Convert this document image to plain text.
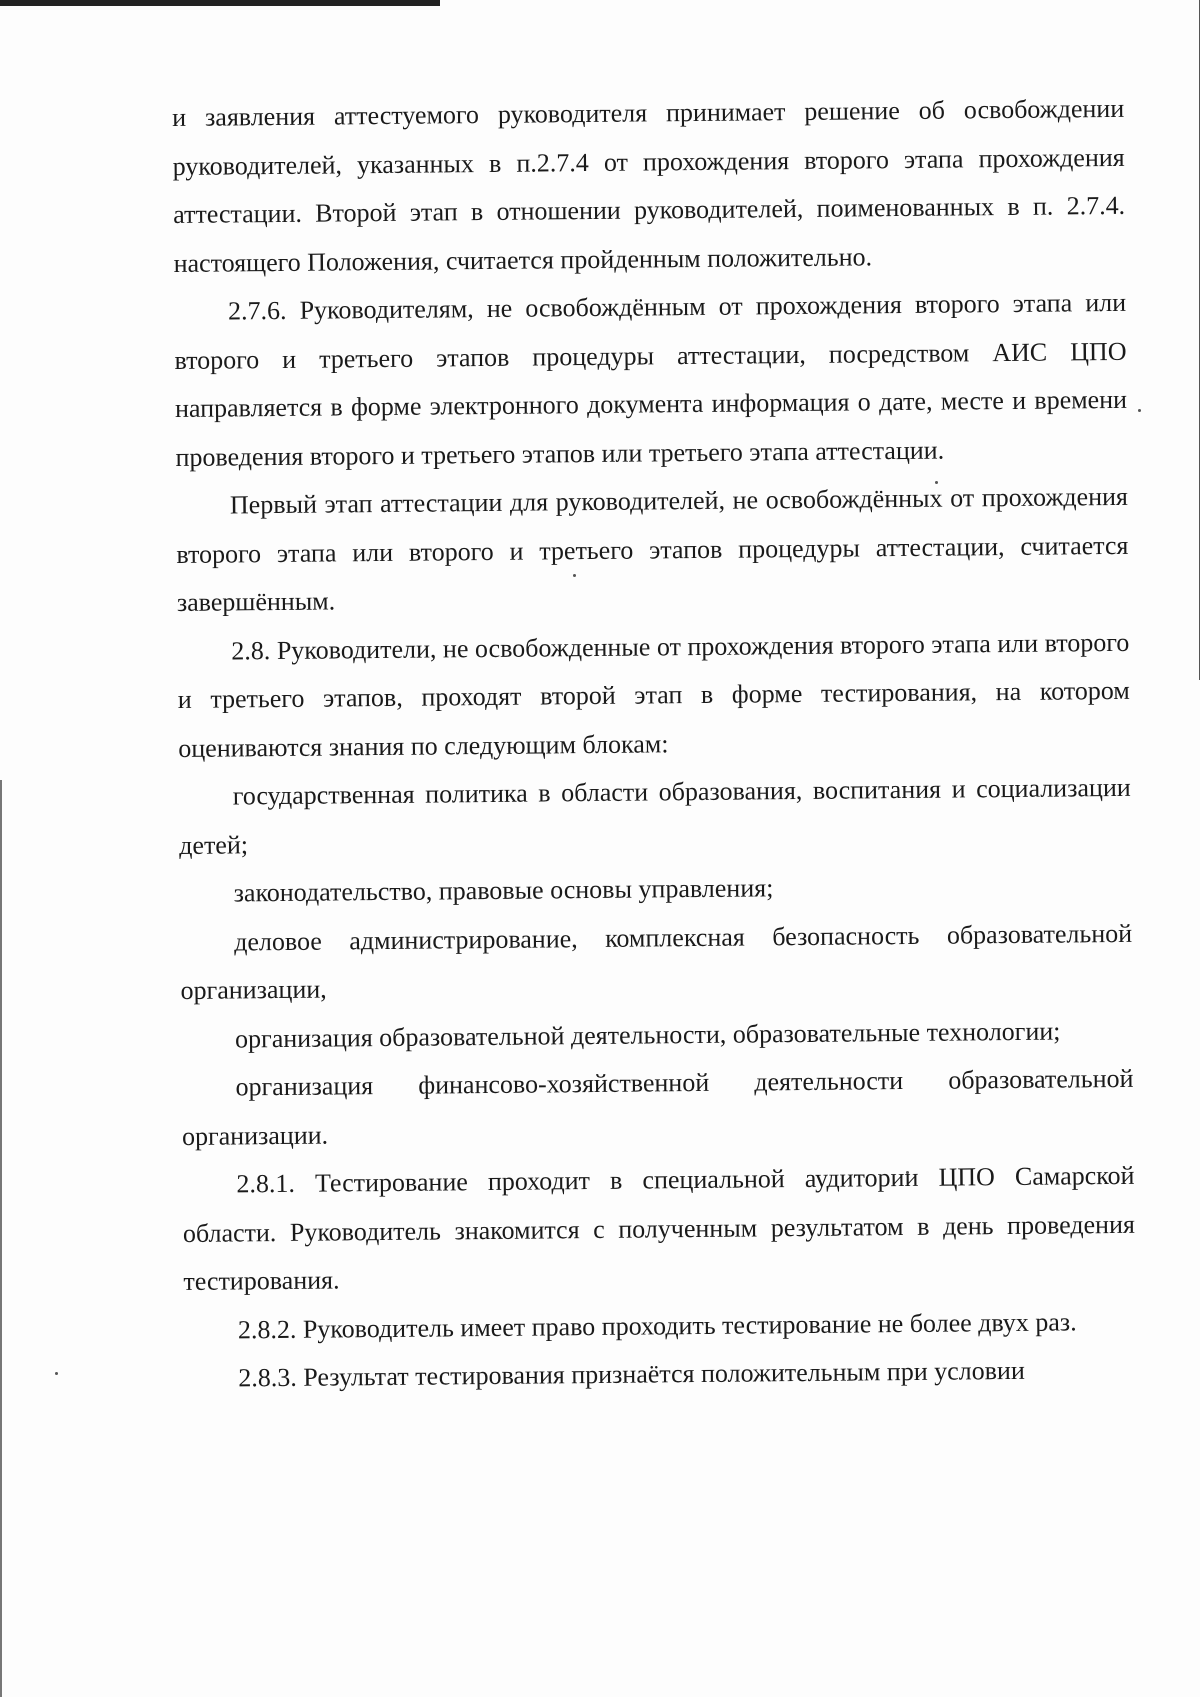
и заявления аттестуемого руководителя принимает решение об освобождении руководителей, указанных в п.2.7.4 от прохождения второго этапа прохождения аттестации. Второй этап в отношении руководителей, поименованных в п. 2.7.4. настоящего Положения, считается пройденным положительно.

2.7.6. Руководителям, не освобождённым от прохождения второго этапа или второго и третьего этапов процедуры аттестации, посредством АИС ЦПО направляется в форме электронного документа информация о дате, месте и времени проведения второго и третьего этапов или третьего этапа аттестации.

Первый этап аттестации для руководителей, не освобождённых от прохождения второго этапа или второго и третьего этапов процедуры аттестации, считается завершённым.

2.8. Руководители, не освобожденные от прохождения второго этапа или второго и третьего этапов, проходят второй этап в форме тестирования, на котором оцениваются знания по следующим блокам:

государственная политика в области образования, воспитания и социализации детей;

законодательство, правовые основы управления;

деловое администрирование, комплексная безопасность образовательной организации,

организация образовательной деятельности, образовательные технологии;

организация финансово-хозяйственной деятельности образовательной организации.

2.8.1. Тестирование проходит в специальной аудитории ЦПО Самарской области. Руководитель знакомится с полученным результатом в день проведения тестирования.

2.8.2. Руководитель имеет право проходить тестирование не более двух раз.

2.8.3. Результат тестирования признаётся положительным при условии
